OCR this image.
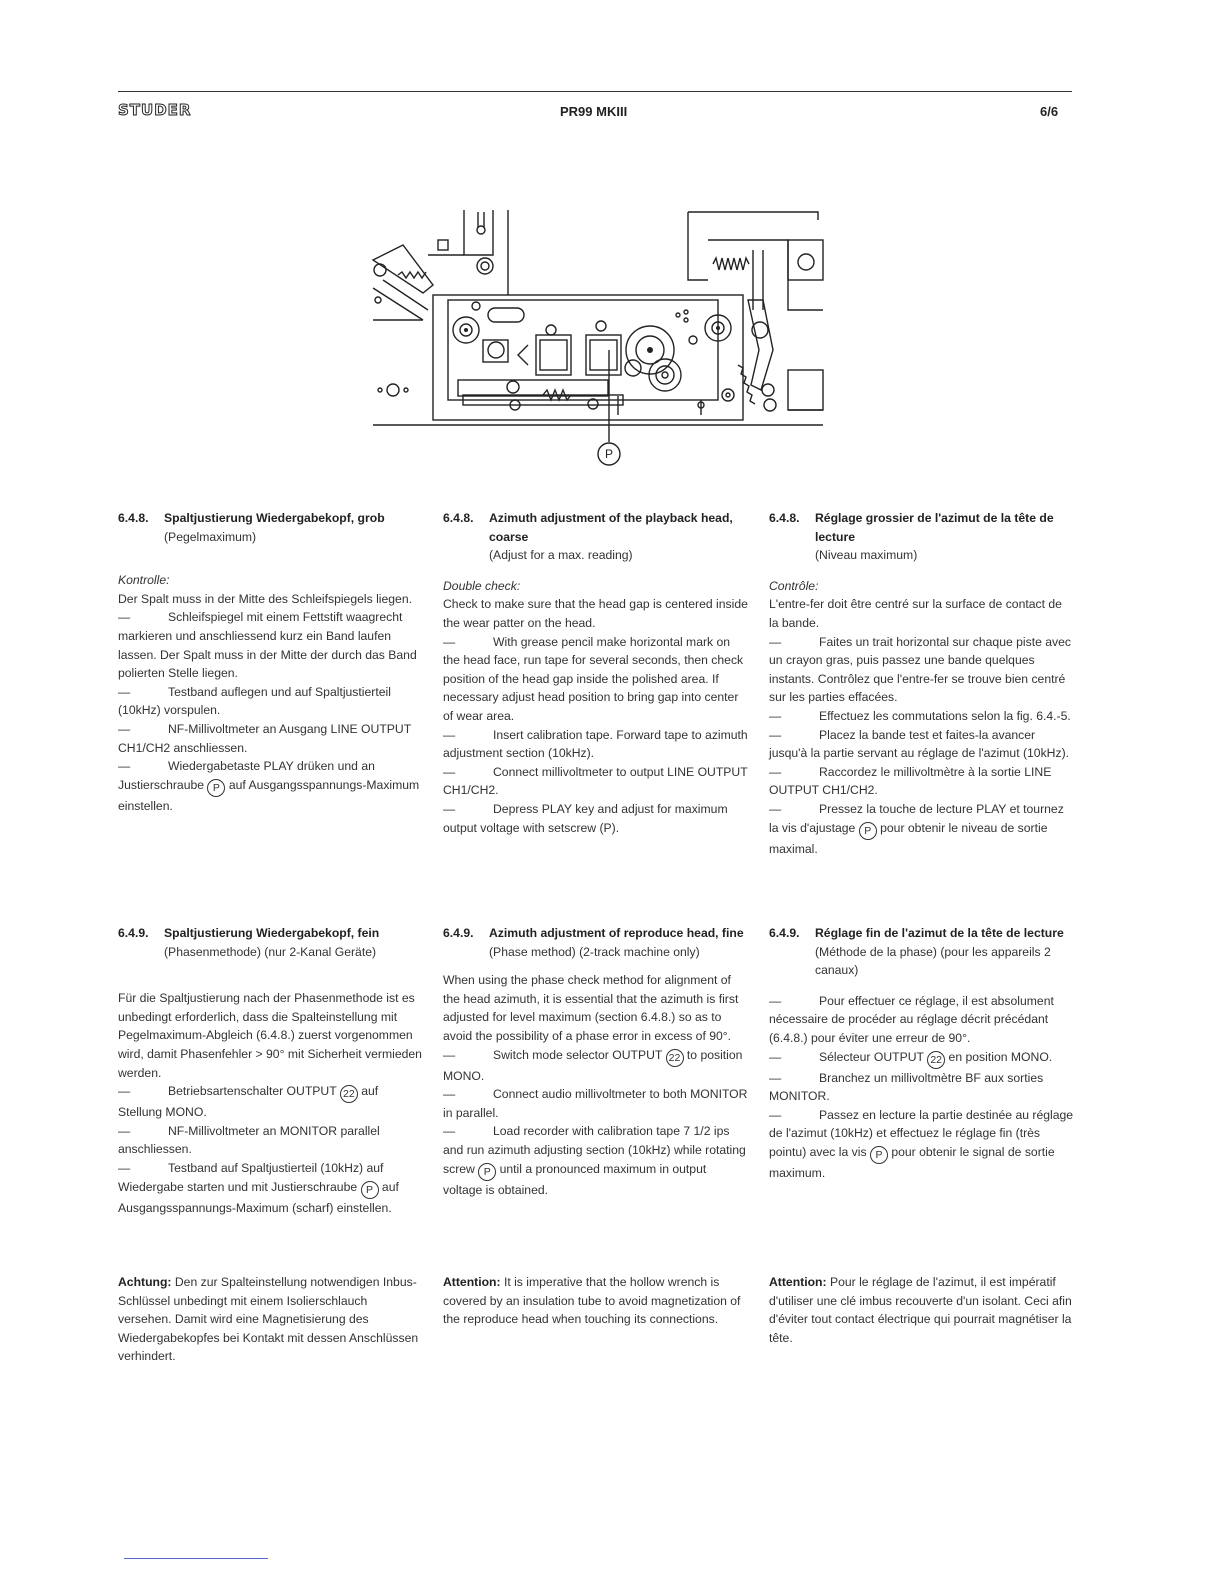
STUDER	PR99 MKIII	6/6
P
6.4.8. Spaltjustierung Wiedergabekopf, grob
(Pegelmaximum)

Kontrolle:

Der Spalt muss in der Mitte des Schleifspiegels liegen.

—	Schleifspiegel mit einem Fettstift waagrecht markieren und anschliessend kurz ein Band laufen lassen. Der Spalt muss in der Mitte der durch das Band polierten Stelle liegen.

—	Testband auflegen und auf Spaltjustierteil (10kHz) vorspulen.

—	NF-Millivoltmeter an Ausgang LINE OUTPUT CH1/CH2 anschliessen.

—	Wiedergabetaste PLAY drüken und an Justierschraube P auf Ausgangsspannungs-Maximum einstellen.

6.4.9. Spaltjustierung Wiedergabekopf, fein
(Phasenmethode) (nur 2-Kanal Geräte)

Für die Spaltjustierung nach der Phasenmethode ist es unbedingt erforderlich, dass die Spalteinstellung mit Pegelmaximum-Abgleich (6.4.8.) zuerst vorgenommen wird, damit Phasenfehler > 90° mit Sicherheit vermieden werden.

—	Betriebsartenschalter OUTPUT 22 auf Stellung MONO.

—	NF-Millivoltmeter an MONITOR parallel anschliessen.

—	Testband auf Spaltjustierteil (10kHz) auf Wiedergabe starten und mit Justierschraube P auf Ausgangsspannungs-Maximum (scharf) einstellen.

Achtung: Den zur Spalteinstellung notwendigen Inbus-Schlüssel unbedingt mit einem Isolierschlauch versehen. Damit wird eine Magnetisierung des Wiedergabekopfes bei Kontakt mit dessen Anschlüssen verhindert.

6.4.8. Azimuth adjustment of the playback head, coarse
(Adjust for a max. reading)

Double check:

Check to make sure that the head gap is centered inside the wear patter on the head.

—	With grease pencil make horizontal mark on the head face, run tape for several seconds, then check position of the head gap inside the polished area. If necessary adjust head position to bring gap into center of wear area.

—	Insert calibration tape. Forward tape to azimuth adjustment section (10kHz).

—	Connect millivoltmeter to output LINE OUTPUT CH1/CH2.

—	Depress PLAY key and adjust for maximum output voltage with setscrew (P).

6.4.9. Azimuth adjustment of reproduce head, fine
(Phase method) (2-track machine only)

When using the phase check method for alignment of the head azimuth, it is essential that the azimuth is first adjusted for level maximum (section 6.4.8.) so as to avoid the possibility of a phase error in excess of 90°.

—	Switch mode selector OUTPUT 22 to position MONO.

—	Connect audio millivoltmeter to both MONITOR in parallel.

—	Load recorder with calibration tape 7 1/2 ips and run azimuth adjusting section (10kHz) while rotating screw P until a pronounced maximum in output voltage is obtained.

Attention: It is imperative that the hollow wrench is covered by an insulation tube to avoid magnetization of the reproduce head when touching its connections.

6.4.8. Réglage grossier de l'azimut de la tête de lecture
(Niveau maximum)

Contrôle:

L'entre-fer doit être centré sur la surface de contact de la bande.

—	Faites un trait horizontal sur chaque piste avec un crayon gras, puis passez une bande quelques instants. Contrôlez que l'entre-fer se trouve bien centré sur les parties effacées.

—	Effectuez les commutations selon la fig. 6.4.-5.

—	Placez la bande test et faites-la avancer jusqu'à la partie servant au réglage de l'azimut (10kHz).

—	Raccordez le millivoltmètre à la sortie LINE OUTPUT CH1/CH2.

—	Pressez la touche de lecture PLAY et tournez la vis d'ajustage P pour obtenir le niveau de sortie maximal.

6.4.9. Réglage fin de l'azimut de la tête de lecture
(Méthode de la phase) (pour les appareils 2 canaux)

—	Pour effectuer ce réglage, il est absolument nécessaire de procéder au réglage décrit précédant (6.4.8.) pour éviter une erreur de 90°.

—	Sélecteur OUTPUT 22 en position MONO.

—	Branchez un millivoltmètre BF aux sorties MONITOR.

—	Passez en lecture la partie destinée au réglage de l'azimut (10kHz) et effectuez le réglage fin (très pointu) avec la vis P pour obtenir le signal de sortie maximum.

Attention: Pour le réglage de l'azimut, il est impératif d'utiliser une clé imbus recouverte d'un isolant. Ceci afin d'éviter tout contact électrique qui pourrait magnétiser la tête.
